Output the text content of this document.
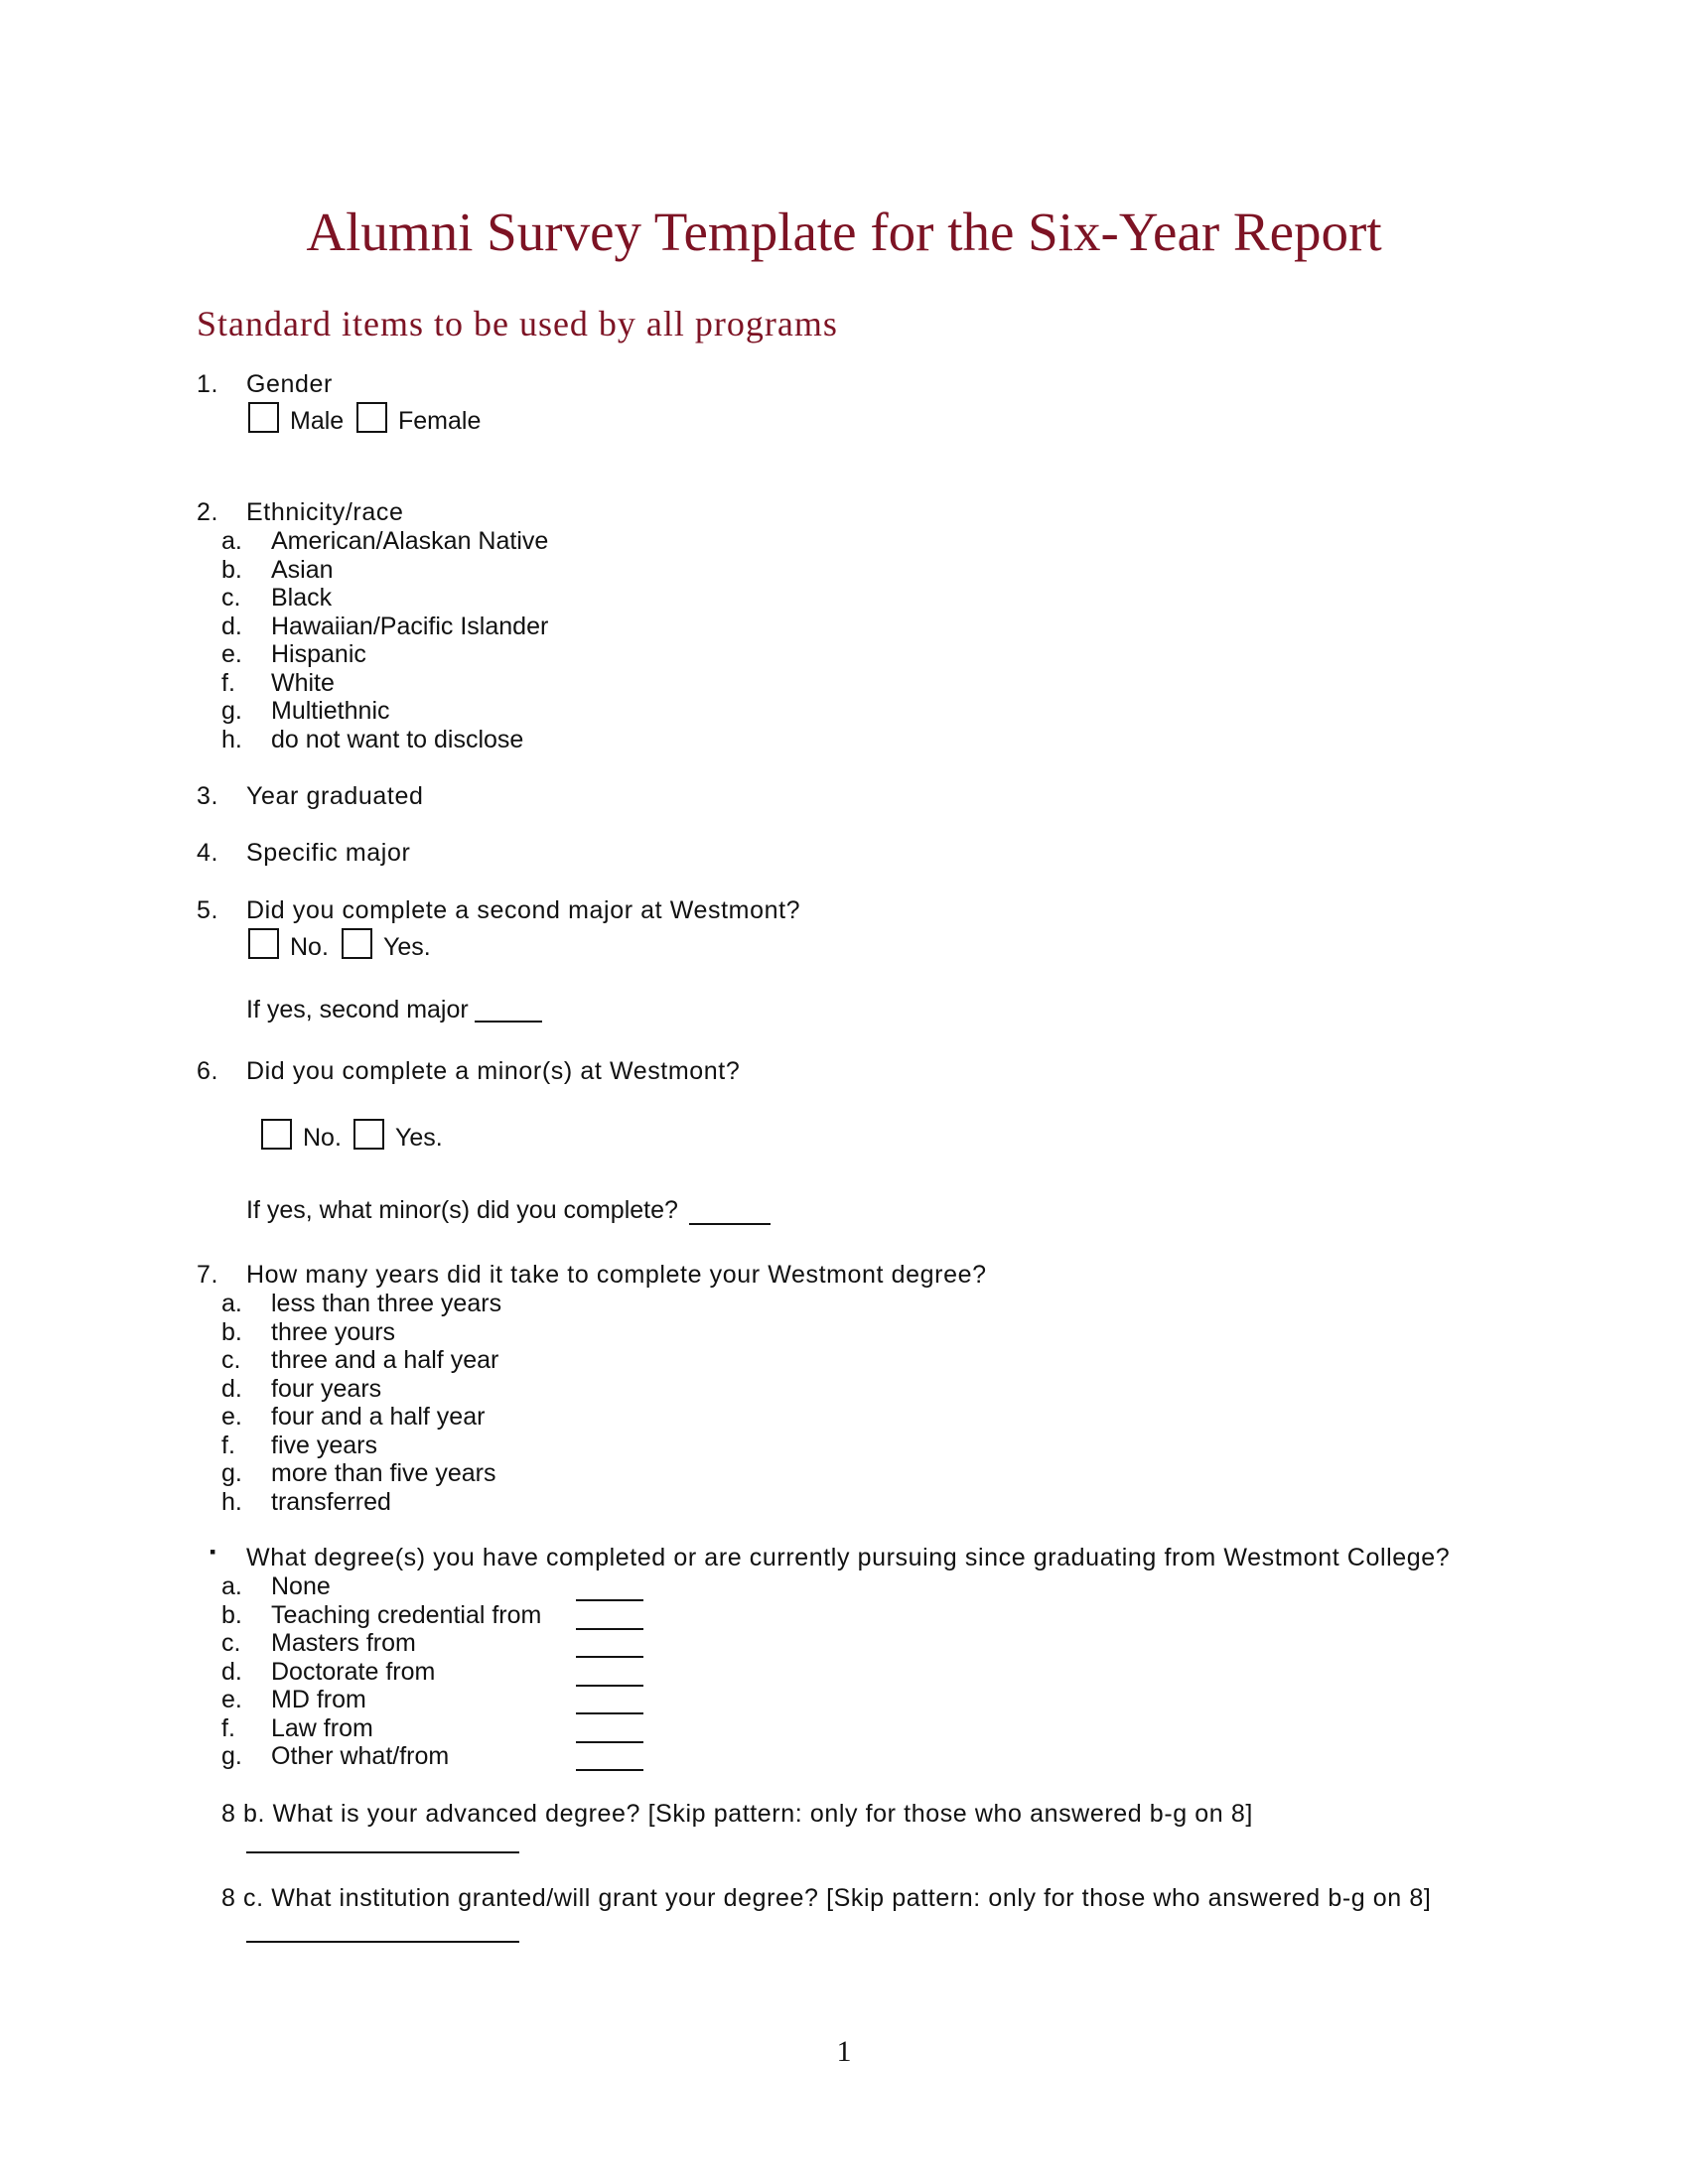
Alumni Survey Template for the Six-Year Report
Standard items to be used by all programs
1. Gender
Male Female
2. Ethnicity/race
a. American/Alaskan Native
b. Asian
c. Black
d. Hawaiian/Pacific Islander
e. Hispanic
f. White
g. Multiethnic
h. do not want to disclose
3. Year graduated
4. Specific major
5. Did you complete a second major at Westmont?
No. Yes.
If yes, second major
6. Did you complete a minor(s) at Westmont?
No. Yes.
If yes, what minor(s) did you complete?
7. How many years did it take to complete your Westmont degree?
a. less than three years
b. three yours
c. three and a half year
d. four years
e. four and a half year
f. five years
g. more than five years
h. transferred
▪ What degree(s) you have completed or are currently pursuing since graduating from Westmont College?
a. None
b. Teaching credential from
c. Masters from
d. Doctorate from
e. MD from
f. Law from
g. Other what/from
8 b. What is your advanced degree? [Skip pattern: only for those who answered b-g on 8]
8 c. What institution granted/will grant your degree? [Skip pattern: only for those who answered b-g on 8]
1
